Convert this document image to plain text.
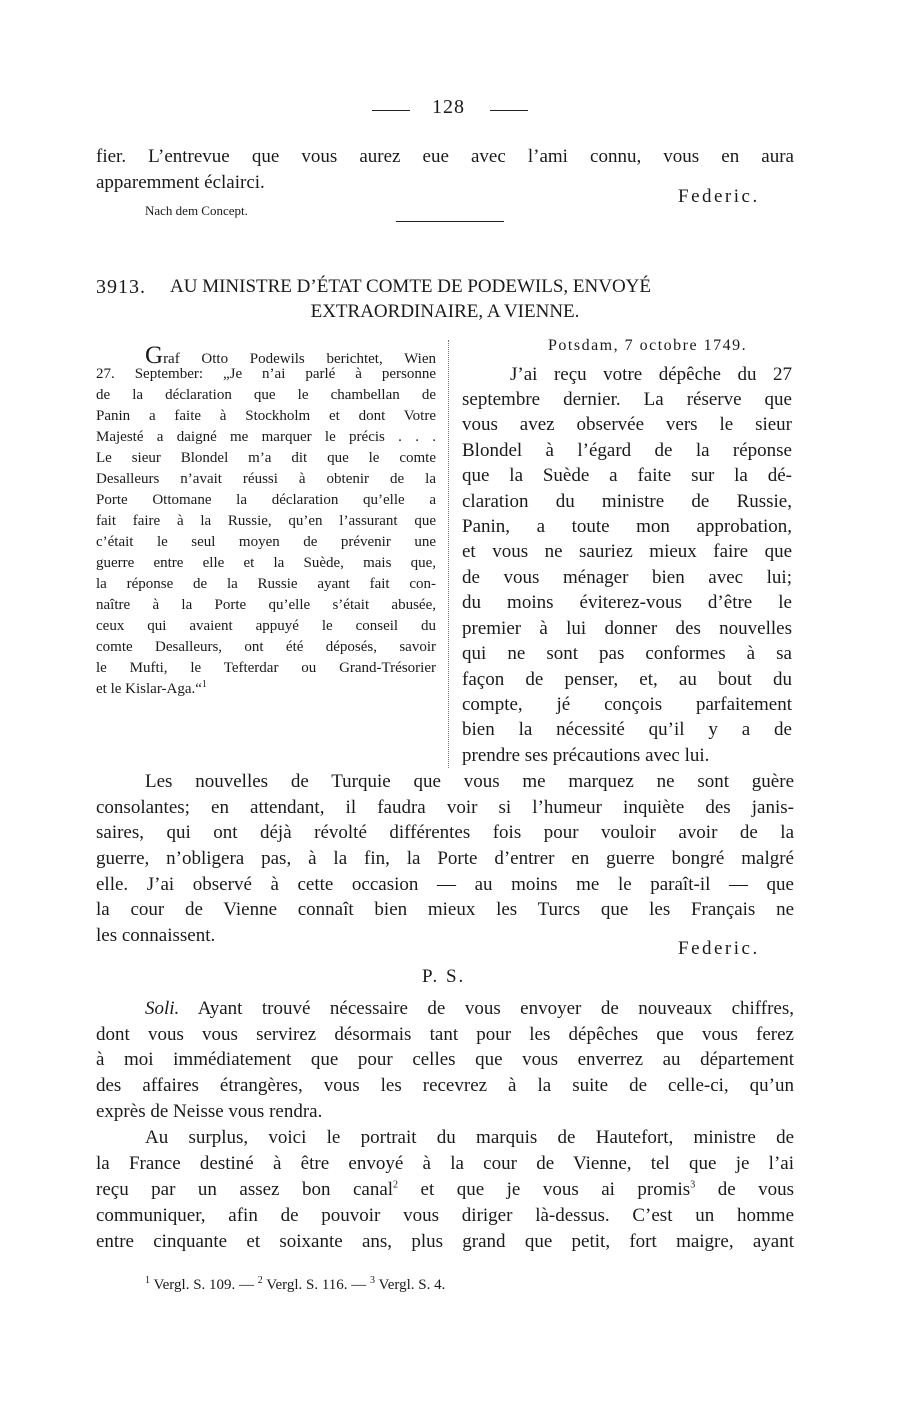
128
fier. L’entrevue que vous aurez eue avec l’ami connu, vous en aura
apparemment éclairci.
Federic.
Nach dem Concept.
3913. AU MINISTRE D’ÉTAT COMTE DE PODEWILS, ENVOYÉ
EXTRAORDINAIRE, A VIENNE.
Graf Otto Podewils berichtet, Wien
27. September: „Je n’ai parlé à personne
de la déclaration que le chambellan de
Panin a faite à Stockholm et dont Votre
Majesté a daigné me marquer le précis . . .
Le sieur Blondel m’a dit que le comte
Desalleurs n’avait réussi à obtenir de la
Porte Ottomane la déclaration qu’elle a
fait faire à la Russie, qu’en l’assurant que
c’était le seul moyen de prévenir une
guerre entre elle et la Suède, mais que,
la réponse de la Russie ayant fait con-
naître à la Porte qu’elle s’était abusée,
ceux qui avaient appuyé le conseil du
comte Desalleurs, ont été déposés, savoir
le Mufti, le Tefterdar ou Grand-Trésorier
et le Kislar-Aga.“$^1$
Potsdam, 7 octobre 1749.
J’ai reçu votre dépêche du 27
septembre dernier. La réserve que
vous avez observée vers le sieur
Blondel à l’égard de la réponse
que la Suède a faite sur la dé-
claration du ministre de Russie,
Panin, a toute mon approbation,
et vous ne sauriez mieux faire que
de vous ménager bien avec lui;
du moins éviterez-vous d’être le
premier à lui donner des nouvelles
qui ne sont pas conformes à sa
façon de penser, et, au bout du
compte, jé conçois parfaitement
bien la nécessité qu’il y a de
prendre ses précautions avec lui.
Les nouvelles de Turquie que vous me marquez ne sont guère
consolantes; en attendant, il faudra voir si l’humeur inquiète des janis-
saires, qui ont déjà révolté différentes fois pour vouloir avoir de la
guerre, n’obligera pas, à la fin, la Porte d’entrer en guerre bongré malgré
elle. J’ai observé à cette occasion — au moins me le paraît-il — que
la cour de Vienne connaît bien mieux les Turcs que les Français ne
les connaissent.
Federic.
P. S.
Soli. Ayant trouvé nécessaire de vous envoyer de nouveaux chiffres,
dont vous vous servirez désormais tant pour les dépêches que vous ferez
à moi immédiatement que pour celles que vous enverrez au département
des affaires étrangères, vous les recevrez à la suite de celle-ci, qu’un
exprès de Neisse vous rendra.
Au surplus, voici le portrait du marquis de Hautefort, ministre de
la France destiné à être envoyé à la cour de Vienne, tel que je l’ai
reçu par un assez bon canal$^2$ et que je vous ai promis$^3$ de vous
communiquer, afin de pouvoir vous diriger là-dessus. C’est un homme
entre cinquante et soixante ans, plus grand que petit, fort maigre, ayant
$^1$ Vergl. S. 109. — $^2$ Vergl. S. 116. — $^3$ Vergl. S. 4.
